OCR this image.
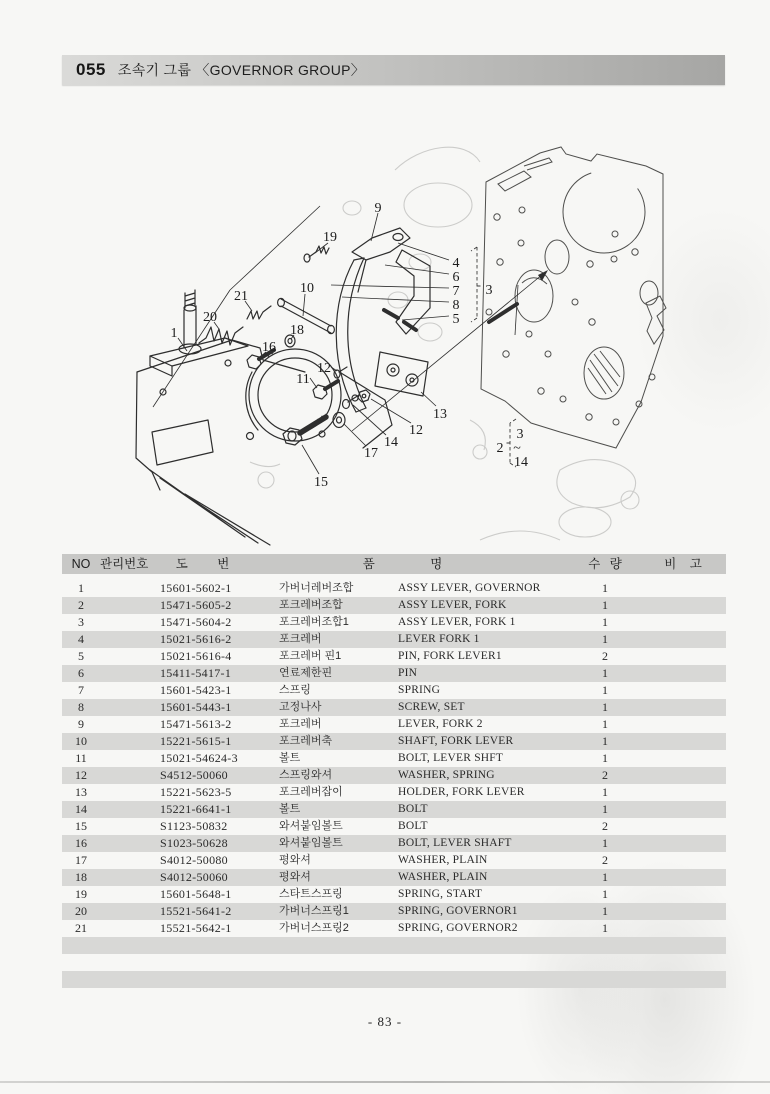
055 조속기 그룹 〈GOVERNOR GROUP〉
9
19
21
10
20
1	18
16
12
11
4
6
7
8
5
3
13
12
14
17
15
2
3
~
14
NO 관리번호	도 번	품 명	수 량	비 고
1	15601-5602-1	가버너레버조합	ASSY LEVER, GOVERNOR	1
2	15471-5605-2	포크레버조합	ASSY LEVER, FORK	1
3	15471-5604-2	포크레버조합1	ASSY LEVER, FORK 1	1
4	15021-5616-2	포크레버	LEVER FORK 1	1
5	15021-5616-4	포크레버 핀1	PIN, FORK LEVER1	2
6	15411-5417-1	연료제한핀	PIN	1
7	15601-5423-1	스프링	SPRING	1
8	15601-5443-1	고정나사	SCREW, SET	1
9	15471-5613-2	포크레버	LEVER, FORK 2	1
10	15221-5615-1	포크레버축	SHAFT, FORK LEVER	1
11	15021-54624-3	볼트	BOLT, LEVER SHFT	1
12	S4512-50060	스프링와셔	WASHER, SPRING	2
13	15221-5623-5	포크레버잡이	HOLDER, FORK LEVER	1
14	15221-6641-1	볼트	BOLT	1
15	S1123-50832	와셔붙임볼트	BOLT	2
16	S1023-50628	와셔붙임볼트	BOLT, LEVER SHAFT	1
17	S4012-50080	평와셔	WASHER, PLAIN	2
18	S4012-50060	평와셔	WASHER, PLAIN	1
19	15601-5648-1	스타트스프링	SPRING, START	1
20	15521-5641-2	가버너스프링1	SPRING, GOVERNOR1	1
21	15521-5642-1	가버너스프링2	SPRING, GOVERNOR2	1
- 83 -
